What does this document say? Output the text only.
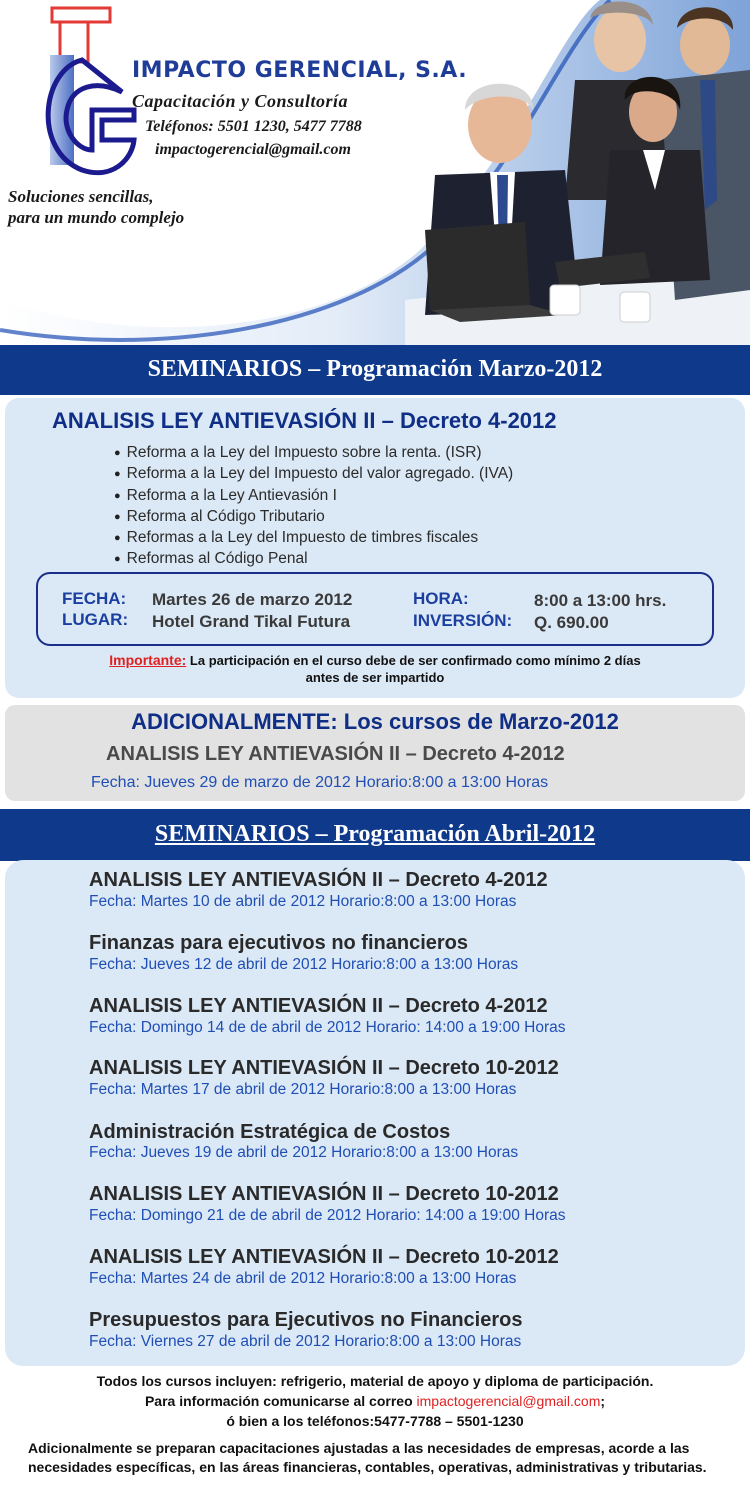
IMPACTO GERENCIAL, S.A.
Capacitación y Consultoría
Teléfonos: 5501 1230, 5477 7788
impactogerencial@gmail.com
Soluciones sencillas,
para un mundo complejo
SEMINARIOS – Programación Marzo-2012
ANALISIS LEY ANTIEVASIÓN II – Decreto 4-2012
● Reforma a la Ley del Impuesto sobre la renta. (ISR)
● Reforma a la Ley del Impuesto del valor agregado. (IVA)
● Reforma a la Ley Antievasión I
● Reforma al Código Tributario
● Reformas a la Ley del Impuesto de timbres fiscales
● Reformas al Código Penal
FECHA: Martes 26 de marzo 2012
LUGAR: Hotel Grand Tikal Futura
HORA:	8:00 a 13:00 hrs.
INVERSIÓN: Q. 690.00
Importante: La participación en el curso debe de ser confirmado como mínimo 2 días
antes de ser impartido
ADICIONALMENTE: Los cursos de Marzo-2012
ANALISIS LEY ANTIEVASIÓN II – Decreto 4-2012
Fecha: Jueves 29 de marzo de 2012 Horario:8:00 a 13:00 Horas
SEMINARIOS – Programación Abril-2012
ANALISIS LEY ANTIEVASIÓN II – Decreto 4-2012
Fecha: Martes 10 de abril de 2012 Horario:8:00 a 13:00 Horas
Finanzas para ejecutivos no financieros
Fecha: Jueves 12 de abril de 2012 Horario:8:00 a 13:00 Horas
ANALISIS LEY ANTIEVASIÓN II – Decreto 4-2012
Fecha: Domingo 14 de de abril de 2012 Horario: 14:00 a 19:00 Horas
ANALISIS LEY ANTIEVASIÓN II – Decreto 10-2012
Fecha: Martes 17 de abril de 2012 Horario:8:00 a 13:00 Horas
Administración Estratégica de Costos
Fecha: Jueves 19 de abril de 2012 Horario:8:00 a 13:00 Horas
ANALISIS LEY ANTIEVASIÓN II – Decreto 10-2012
Fecha: Domingo 21 de de abril de 2012 Horario: 14:00 a 19:00 Horas
ANALISIS LEY ANTIEVASIÓN II – Decreto 10-2012
Fecha: Martes 24 de abril de 2012 Horario:8:00 a 13:00 Horas
Presupuestos para Ejecutivos no Financieros
Fecha: Viernes 27 de abril de 2012 Horario:8:00 a 13:00 Horas
Todos los cursos incluyen: refrigerio, material de apoyo y diploma de participación.
Para información comunicarse al correo impactogerencial@gmail.com;
ó bien a los teléfonos:5477-7788 – 5501-1230
Adicionalmente se preparan capacitaciones ajustadas a las necesidades de empresas, acorde a las necesidades específicas, en las áreas financieras, contables, operativas, administrativas y tributarias.
